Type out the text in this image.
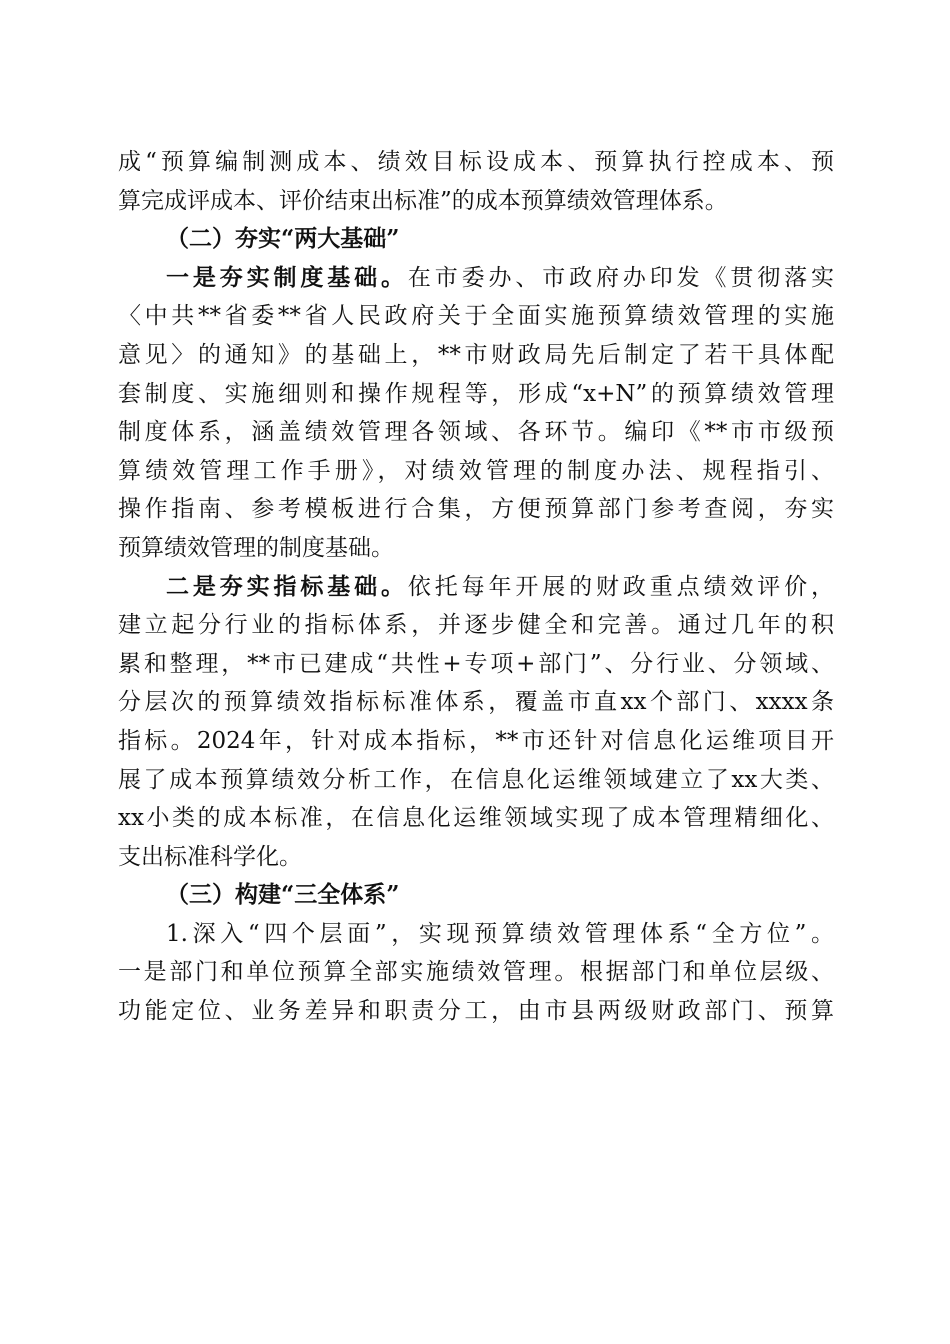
成“预算编制测成本、绩效目标设成本、预算执行控成本、预
算完成评成本、评价结束出标准”的成本预算绩效管理体系。
（二）夯实“两大基础”
一是夯实制度基础。在市委办、市政府办印发《贯彻落实
〈中共**省委**省人民政府关于全面实施预算绩效管理的实施
意见〉的通知》的基础上，**市财政局先后制定了若干具体配
套制度、实施细则和操作规程等，形成“x+N”的预算绩效管理
制度体系，涵盖绩效管理各领域、各环节。编印《**市市级预
算绩效管理工作手册》，对绩效管理的制度办法、规程指引、
操作指南、参考模板进行合集，方便预算部门参考查阅，夯实
预算绩效管理的制度基础。
二是夯实指标基础。依托每年开展的财政重点绩效评价，
建立起分行业的指标体系，并逐步健全和完善。通过几年的积
累和整理，**市已建成“共性+专项+部门”、分行业、分领域、
分层次的预算绩效指标标准体系，覆盖市直xx个部门、xxxx条
指标。2024年，针对成本指标，**市还针对信息化运维项目开
展了成本预算绩效分析工作，在信息化运维领域建立了xx大类、
xx小类的成本标准，在信息化运维领域实现了成本管理精细化、
支出标准科学化。
（三）构建“三全体系”
1.深入“四个层面”，实现预算绩效管理体系“全方位”。
一是部门和单位预算全部实施绩效管理。根据部门和单位层级、
功能定位、业务差异和职责分工，由市县两级财政部门、预算
